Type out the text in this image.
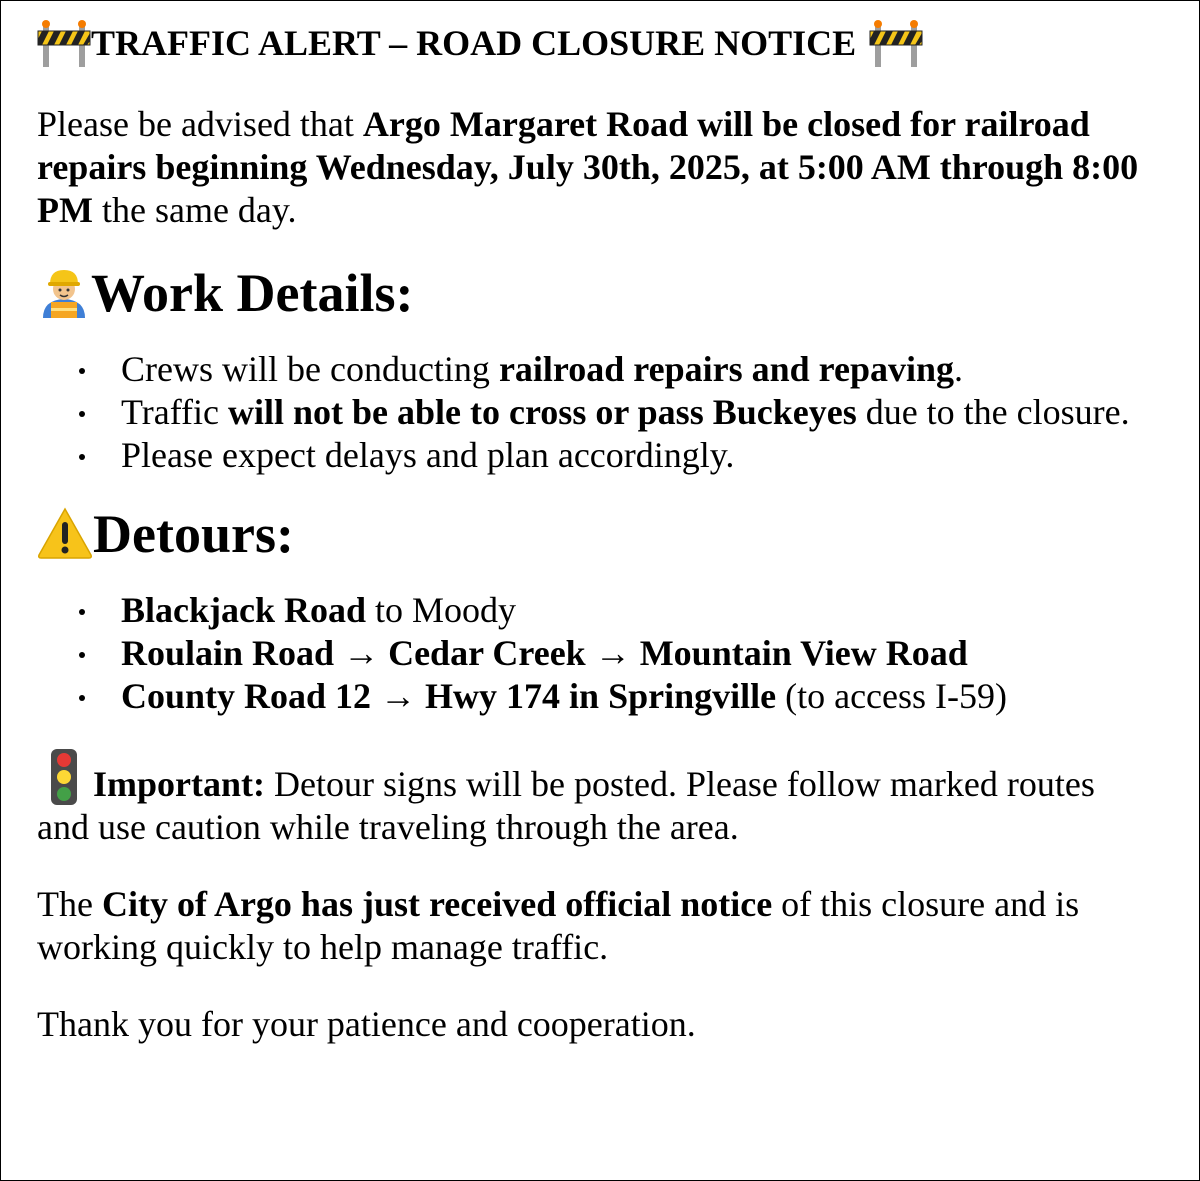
TRAFFIC ALERT – ROAD CLOSURE NOTICE

Please be advised that Argo Margaret Road will be closed for railroad repairs beginning Wednesday, July 30th, 2025, at 5:00 AM through 8:00 PM the same day.

Work Details:
Crews will be conducting railroad repairs and repaving.
Traffic will not be able to cross or pass Buckeyes due to the closure.
Please expect delays and plan accordingly.
Detours:
Blackjack Road to Moody
Roulain Road → Cedar Creek → Mountain View Road
County Road 12 → Hwy 174 in Springville (to access I-59)

Important: Detour signs will be posted. Please follow marked routes and use caution while traveling through the area.

The City of Argo has just received official notice of this closure and is working quickly to help manage traffic.

Thank you for your patience and cooperation.
